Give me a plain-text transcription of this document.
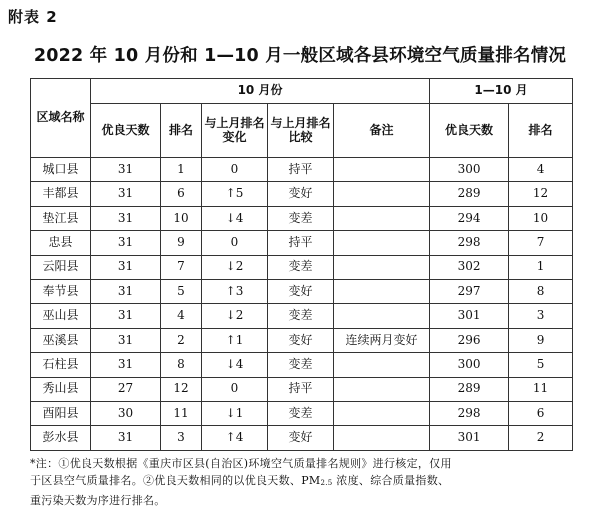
附表 2
2022 年 10 月份和 1—10 月一般区域各县环境空气质量排名情况
区域名称	10 月份					1—10 月	
	优良天数	排名	与上月排名变化	与上月排名比较	备注	优良天数	排名
城口县	31	1	0	持平		300	4
丰都县	31	6	↑5	变好		289	12
垫江县	31	10	↓4	变差		294	10
忠县	31	9	0	持平		298	7
云阳县	31	7	↓2	变差		302	1
奉节县	31	5	↑3	变好		297	8
巫山县	31	4	↓2	变差		301	3
巫溪县	31	2	↑1	变好	连续两月变好	296	9
石柱县	31	8	↓4	变差		300	5
秀山县	27	12	0	持平		289	11
酉阳县	30	11	↓1	变差		298	6
彭水县	31	3	↑4	变好		301	2
*注：①优良天数根据《重庆市区县(自治区)环境空气质量排名规则》进行核定，仅用
于区县空气质量排名。②优良天数相同的以优良天数、$PM_{2.5}$ 浓度、综合质量指数、
重污染天数为序进行排名。
